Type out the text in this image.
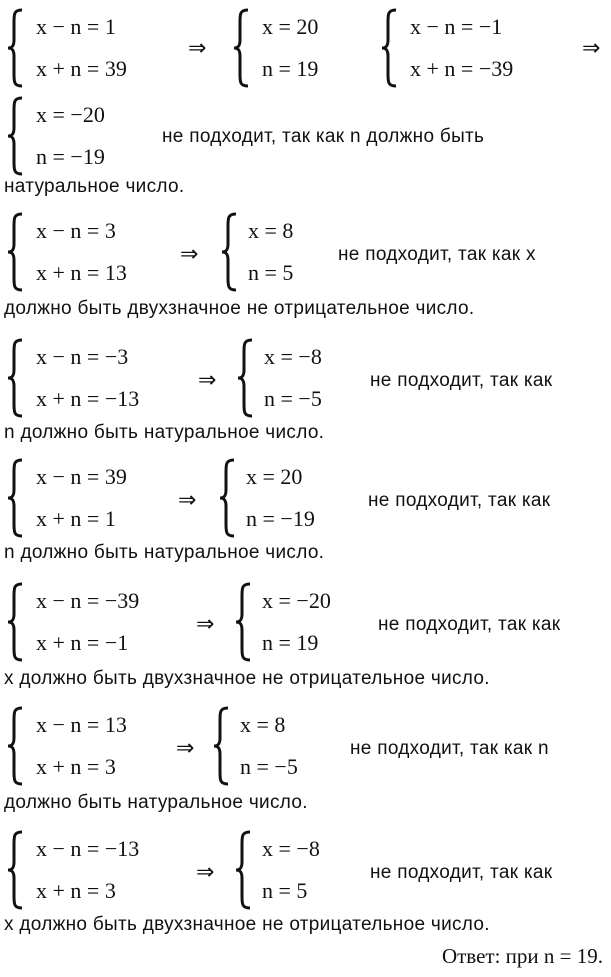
x − n = 1
x + n = 39
⇒
x = 20
n = 19
x − n = −1
x + n = −39
⇒
x = −20
n = −19
не подходит, так как n должно быть
натуральное число.
x − n = 3
x + n = 13
⇒
x = 8
n = 5
не подходит, так как x
должно быть двухзначное не отрицательное число.
x − n = −3
x + n = −13
⇒
x = −8
n = −5
не подходит, так как
n должно быть натуральное число.
x − n = 39
x + n = 1
⇒
x = 20
n = −19
не подходит, так как
n должно быть натуральное число.
x − n = −39
x + n = −1
⇒
x = −20
n = 19
не подходит, так как
x должно быть двухзначное не отрицательное число.
x − n = 13
x + n = 3
⇒
x = 8
n = −5
не подходит, так как n
должно быть натуральное число.
x − n = −13
x + n = 3
⇒
x = −8
n = 5
не подходит, так как
x должно быть двухзначное не отрицательное число.
Ответ: при n = 19.
